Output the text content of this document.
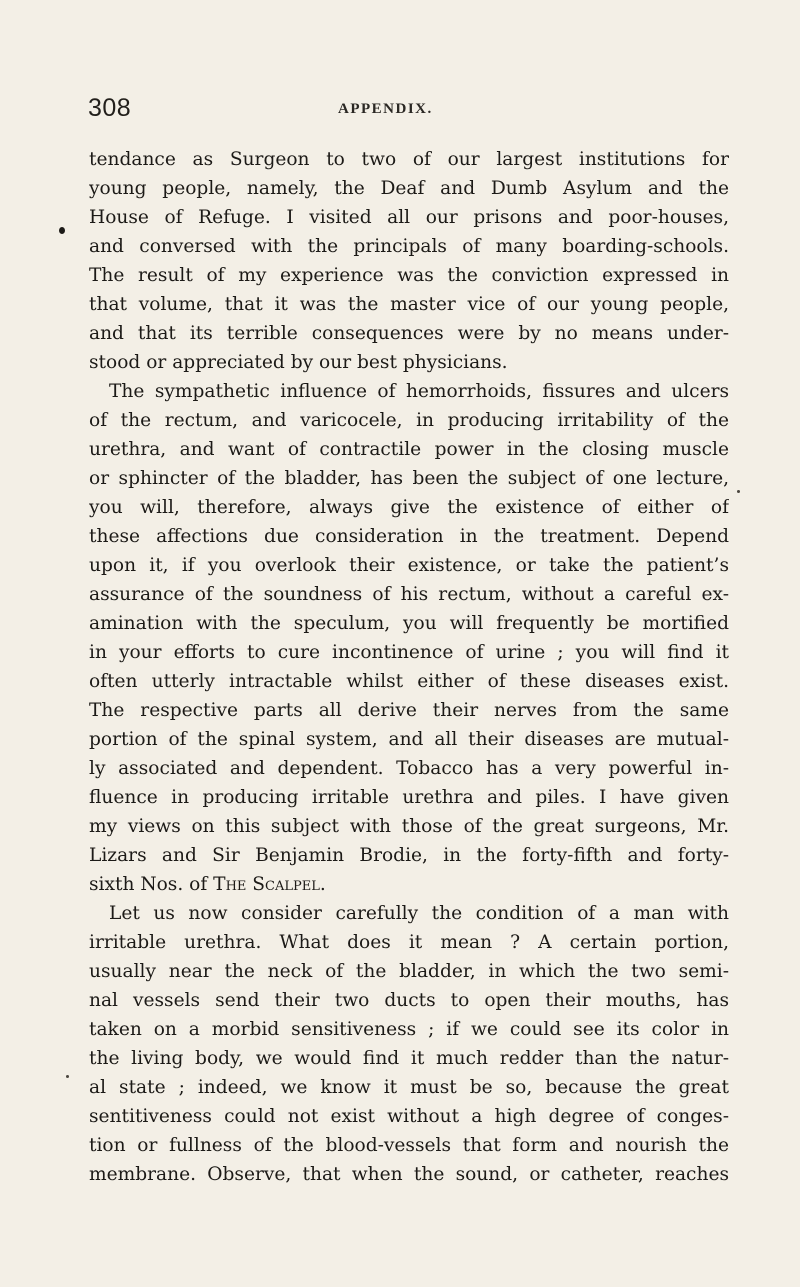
308	APPENDIX.
tendance as Surgeon to two of our largest institutions for
young people, namely, the Deaf and Dumb Asylum and the
House of Refuge. I visited all our prisons and poor-houses,
and conversed with the principals of many boarding-schools.
The result of my experience was the conviction expressed in
that volume, that it was the master vice of our young people,
and that its terrible consequences were by no means under-
stood or appreciated by our best physicians.
The sympathetic influence of hemorrhoids, fissures and ulcers
of the rectum, and varicocele, in producing irritability of the
urethra, and want of contractile power in the closing muscle
or sphincter of the bladder, has been the subject of one lecture,
you will, therefore, always give the existence of either of
these affections due consideration in the treatment. Depend
upon it, if you overlook their existence, or take the patient’s
assurance of the soundness of his rectum, without a careful ex-
amination with the speculum, you will frequently be mortified
in your efforts to cure incontinence of urine ; you will find it
often utterly intractable whilst either of these diseases exist.
The respective parts all derive their nerves from the same
portion of the spinal system, and all their diseases are mutual-
ly associated and dependent. Tobacco has a very powerful in-
fluence in producing irritable urethra and piles. I have given
my views on this subject with those of the great surgeons, Mr.
Lizars and Sir Benjamin Brodie, in the forty-fifth and forty-
sixth Nos. of The Scalpel.
Let us now consider carefully the condition of a man with
irritable urethra. What does it mean ? A certain portion,
usually near the neck of the bladder, in which the two semi-
nal vessels send their two ducts to open their mouths, has
taken on a morbid sensitiveness ; if we could see its color in
the living body, we would find it much redder than the natur-
al state ; indeed, we know it must be so, because the great
sentitiveness could not exist without a high degree of conges-
tion or fullness of the blood-vessels that form and nourish the
membrane. Observe, that when the sound, or catheter, reaches
